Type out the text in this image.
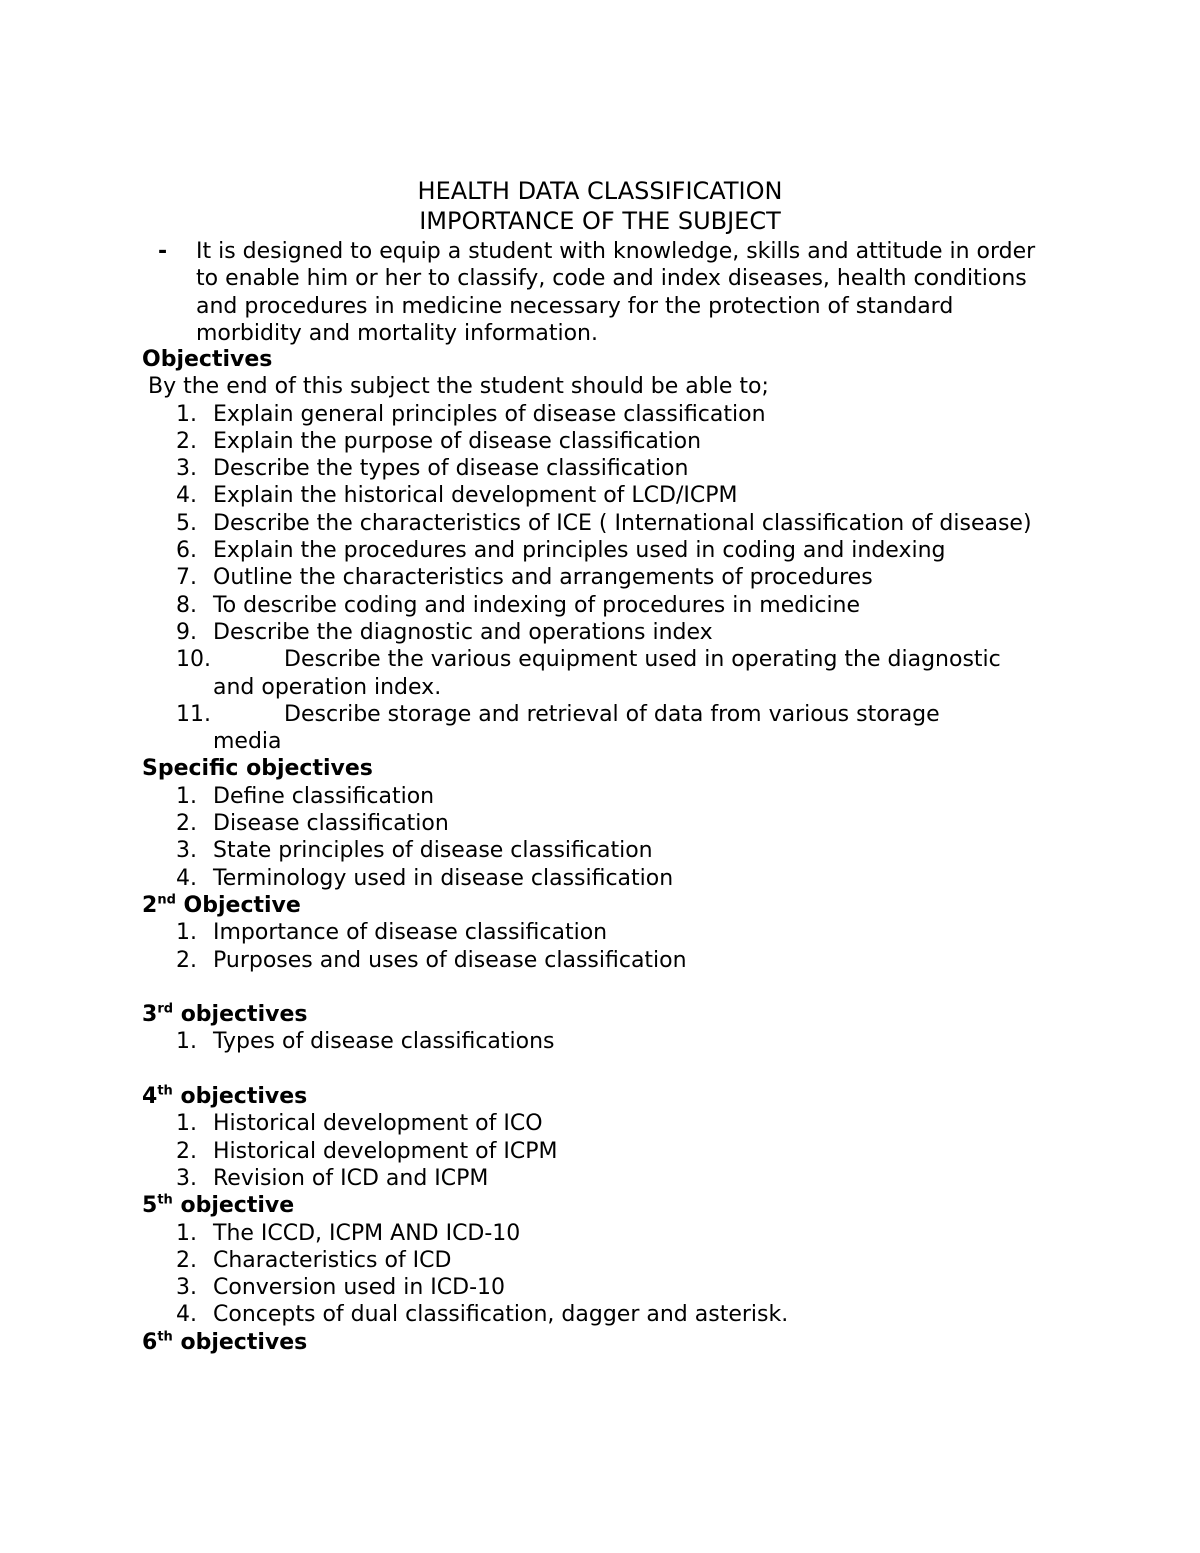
HEALTH DATA CLASSIFICATION
IMPORTANCE OF THE SUBJECT
- It is designed to equip a student with knowledge, skills and attitude in order to enable him or her to classify, code and index diseases, health conditions and procedures in medicine necessary for the protection of standard morbidity and mortality information.
Objectives
By the end of this subject the student should be able to;
1. Explain general principles of disease classification
2. Explain the purpose of disease classification
3. Describe the types of disease classification
4. Explain the historical development of LCD/ICPM
5. Describe the characteristics of ICE ( International classification of disease)
6. Explain the procedures and principles used in coding and indexing
7. Outline the characteristics and arrangements of procedures
8. To describe coding and indexing of procedures in medicine
9. Describe the diagnostic and operations index
10.	Describe the various equipment used in operating the diagnostic
and operation index.
11.	Describe storage and retrieval of data from various storage
media
Specific objectives
1. Define classification
2. Disease classification
3. State principles of disease classification
4. Terminology used in disease classification
2nd Objective
1. Importance of disease classification
2. Purposes and uses of disease classification
3rd objectives
1. Types of disease classifications
4th objectives
1. Historical development of ICO
2. Historical development of ICPM
3. Revision of ICD and ICPM
5th objective
1. The ICCD, ICPM AND ICD-10
2. Characteristics of ICD
3. Conversion used in ICD-10
4. Concepts of dual classification, dagger and asterisk.
6th objectives
